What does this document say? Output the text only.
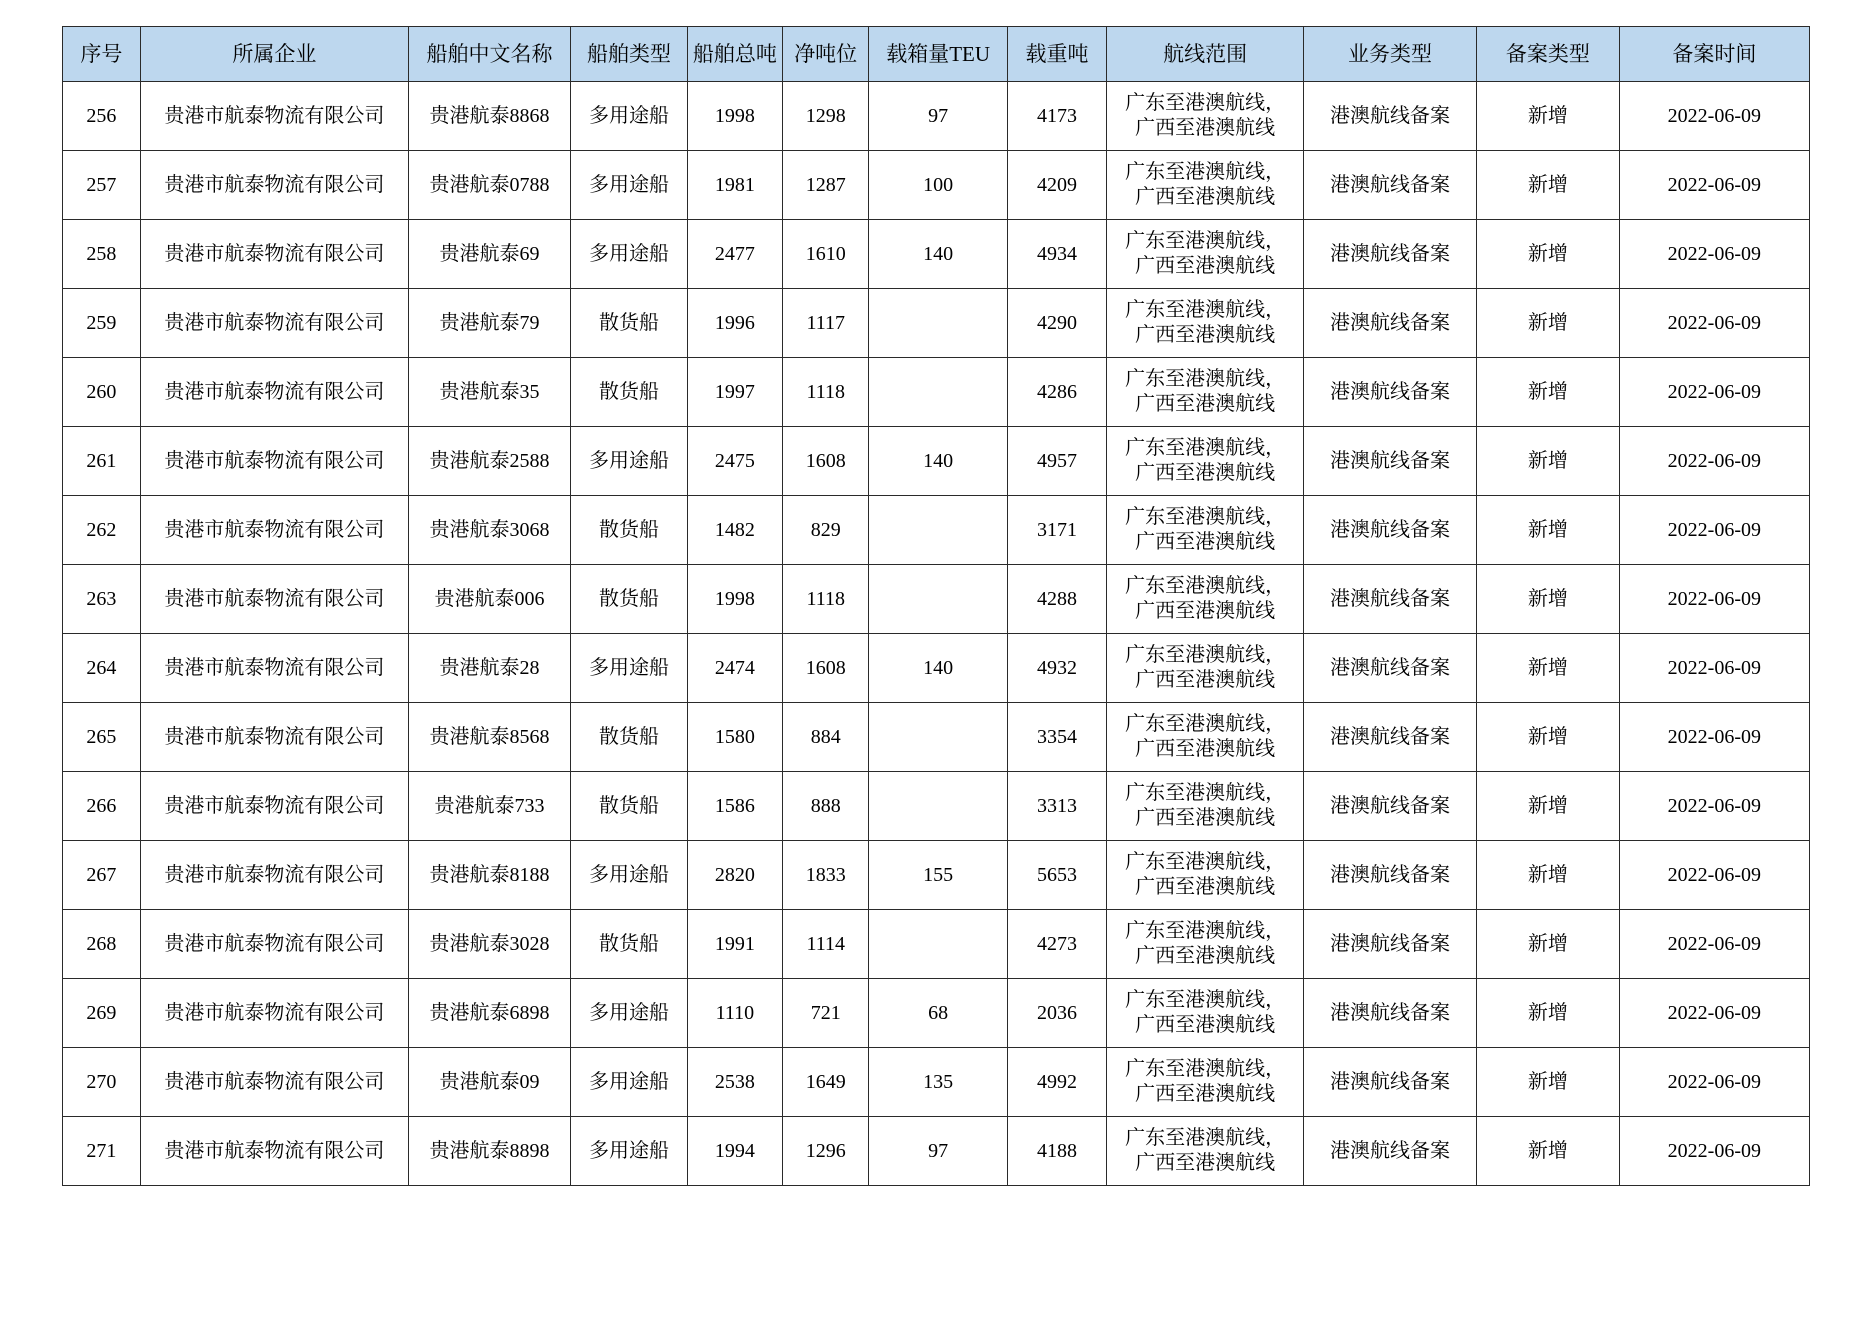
序号	所属企业	船舶中文名称	船舶类型	船舶总吨	净吨位	载箱量TEU	载重吨	航线范围	业务类型	备案类型	备案时间
256	贵港市航泰物流有限公司	贵港航泰8868	多用途船	1998	1298	97	4173	广东至港澳航线，
广西至港澳航线	港澳航线备案	新增	2022-06-09
257	贵港市航泰物流有限公司	贵港航泰0788	多用途船	1981	1287	100	4209	广东至港澳航线，
广西至港澳航线	港澳航线备案	新增	2022-06-09
258	贵港市航泰物流有限公司	贵港航泰69	多用途船	2477	1610	140	4934	广东至港澳航线，
广西至港澳航线	港澳航线备案	新增	2022-06-09
259	贵港市航泰物流有限公司	贵港航泰79	散货船	1996	1117		4290	广东至港澳航线，
广西至港澳航线	港澳航线备案	新增	2022-06-09
260	贵港市航泰物流有限公司	贵港航泰35	散货船	1997	1118		4286	广东至港澳航线，
广西至港澳航线	港澳航线备案	新增	2022-06-09
261	贵港市航泰物流有限公司	贵港航泰2588	多用途船	2475	1608	140	4957	广东至港澳航线，
广西至港澳航线	港澳航线备案	新增	2022-06-09
262	贵港市航泰物流有限公司	贵港航泰3068	散货船	1482	829		3171	广东至港澳航线，
广西至港澳航线	港澳航线备案	新增	2022-06-09
263	贵港市航泰物流有限公司	贵港航泰006	散货船	1998	1118		4288	广东至港澳航线，
广西至港澳航线	港澳航线备案	新增	2022-06-09
264	贵港市航泰物流有限公司	贵港航泰28	多用途船	2474	1608	140	4932	广东至港澳航线，
广西至港澳航线	港澳航线备案	新增	2022-06-09
265	贵港市航泰物流有限公司	贵港航泰8568	散货船	1580	884		3354	广东至港澳航线，
广西至港澳航线	港澳航线备案	新增	2022-06-09
266	贵港市航泰物流有限公司	贵港航泰733	散货船	1586	888		3313	广东至港澳航线，
广西至港澳航线	港澳航线备案	新增	2022-06-09
267	贵港市航泰物流有限公司	贵港航泰8188	多用途船	2820	1833	155	5653	广东至港澳航线，
广西至港澳航线	港澳航线备案	新增	2022-06-09
268	贵港市航泰物流有限公司	贵港航泰3028	散货船	1991	1114		4273	广东至港澳航线，
广西至港澳航线	港澳航线备案	新增	2022-06-09
269	贵港市航泰物流有限公司	贵港航泰6898	多用途船	1110	721	68	2036	广东至港澳航线，
广西至港澳航线	港澳航线备案	新增	2022-06-09
270	贵港市航泰物流有限公司	贵港航泰09	多用途船	2538	1649	135	4992	广东至港澳航线，
广西至港澳航线	港澳航线备案	新增	2022-06-09
271	贵港市航泰物流有限公司	贵港航泰8898	多用途船	1994	1296	97	4188	广东至港澳航线，
广西至港澳航线	港澳航线备案	新增	2022-06-09
